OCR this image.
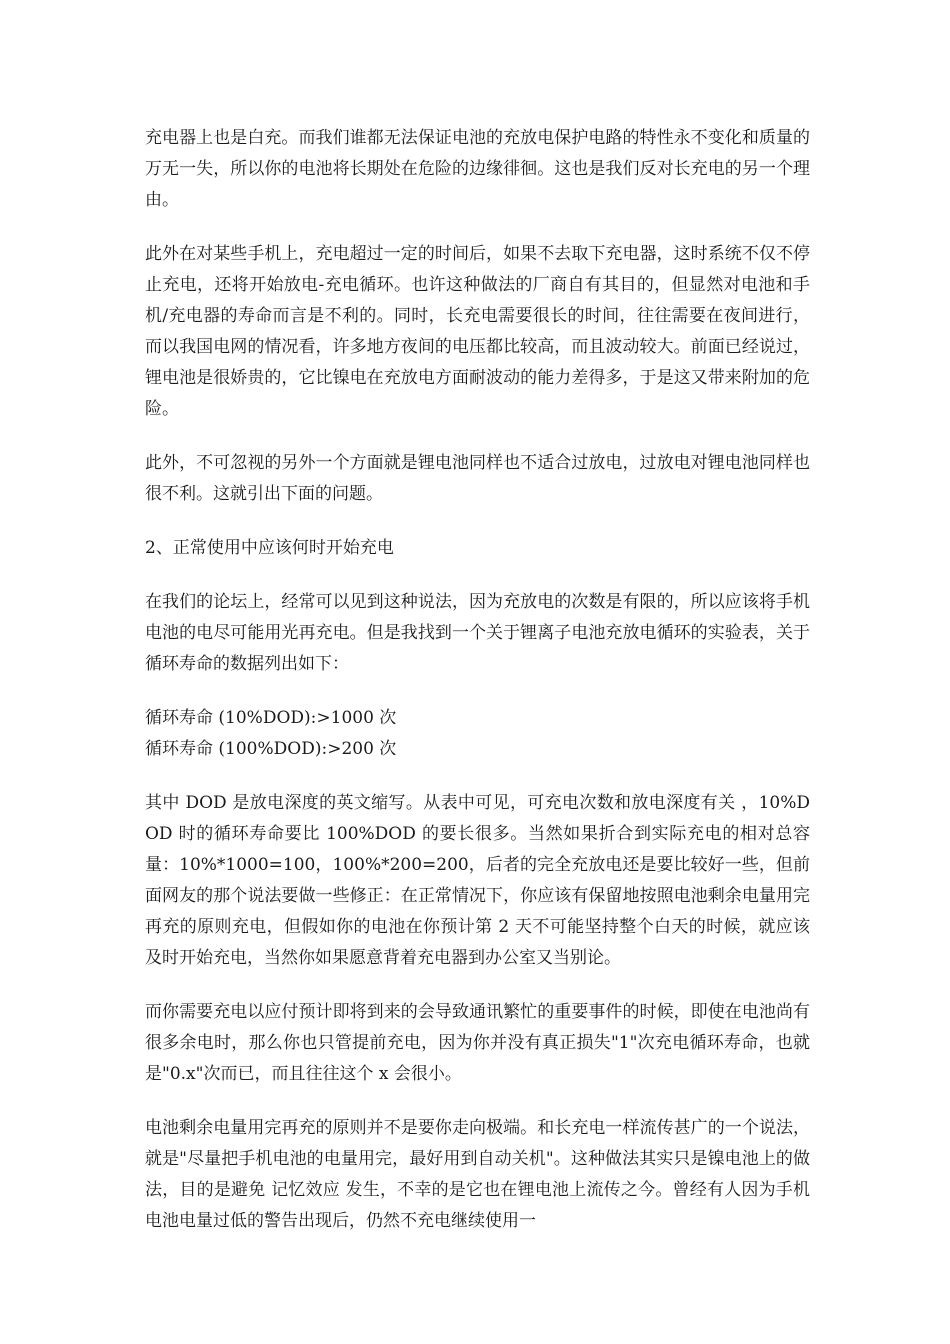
充电器上也是白充。而我们谁都无法保证电池的充放电保护电路的特性永不变化和质量的万无一失，所以你的电池将长期处在危险的边缘徘徊。这也是我们反对长充电的另一个理由。

此外在对某些手机上，充电超过一定的时间后，如果不去取下充电器，这时系统不仅不停止充电，还将开始放电-充电循环。也许这种做法的厂商自有其目的，但显然对电池和手机/充电器的寿命而言是不利的。同时，长充电需要很长的时间，往往需要在夜间进行，而以我国电网的情况看，许多地方夜间的电压都比较高，而且波动较大。前面已经说过，锂电池是很娇贵的，它比镍电在充放电方面耐波动的能力差得多，于是这又带来附加的危险。

此外，不可忽视的另外一个方面就是锂电池同样也不适合过放电，过放电对锂电池同样也很不利。这就引出下面的问题。

2、正常使用中应该何时开始充电

在我们的论坛上，经常可以见到这种说法，因为充放电的次数是有限的，所以应该将手机电池的电尽可能用光再充电。但是我找到一个关于锂离子电池充放电循环的实验表，关于循环寿命的数据列出如下：

循环寿命 (10%DOD):>1000 次
循环寿命 (100%DOD):>200 次

其中 DOD 是放电深度的英文缩写。从表中可见，可充电次数和放电深度有关 ，10%DOD 时的循环寿命要比 100%DOD 的要长很多。当然如果折合到实际充电的相对总容量：10%*1000=100，100%*200=200，后者的完全充放电还是要比较好一些，但前面网友的那个说法要做一些修正：在正常情况下，你应该有保留地按照电池剩余电量用完再充的原则充电，但假如你的电池在你预计第 2 天不可能坚持整个白天的时候，就应该及时开始充电，当然你如果愿意背着充电器到办公室又当别论。

而你需要充电以应付预计即将到来的会导致通讯繁忙的重要事件的时候，即使在电池尚有很多余电时，那么你也只管提前充电，因为你并没有真正损失"1"次充电循环寿命，也就是"0.x"次而已，而且往往这个 x 会很小。

电池剩余电量用完再充的原则并不是要你走向极端。和长充电一样流传甚广的一个说法，就是"尽量把手机电池的电量用完，最好用到自动关机"。这种做法其实只是镍电池上的做法，目的是避免 记忆效应 发生，不幸的是它也在锂电池上流传之今。曾经有人因为手机电池电量过低的警告出现后，仍然不充电继续使用一
